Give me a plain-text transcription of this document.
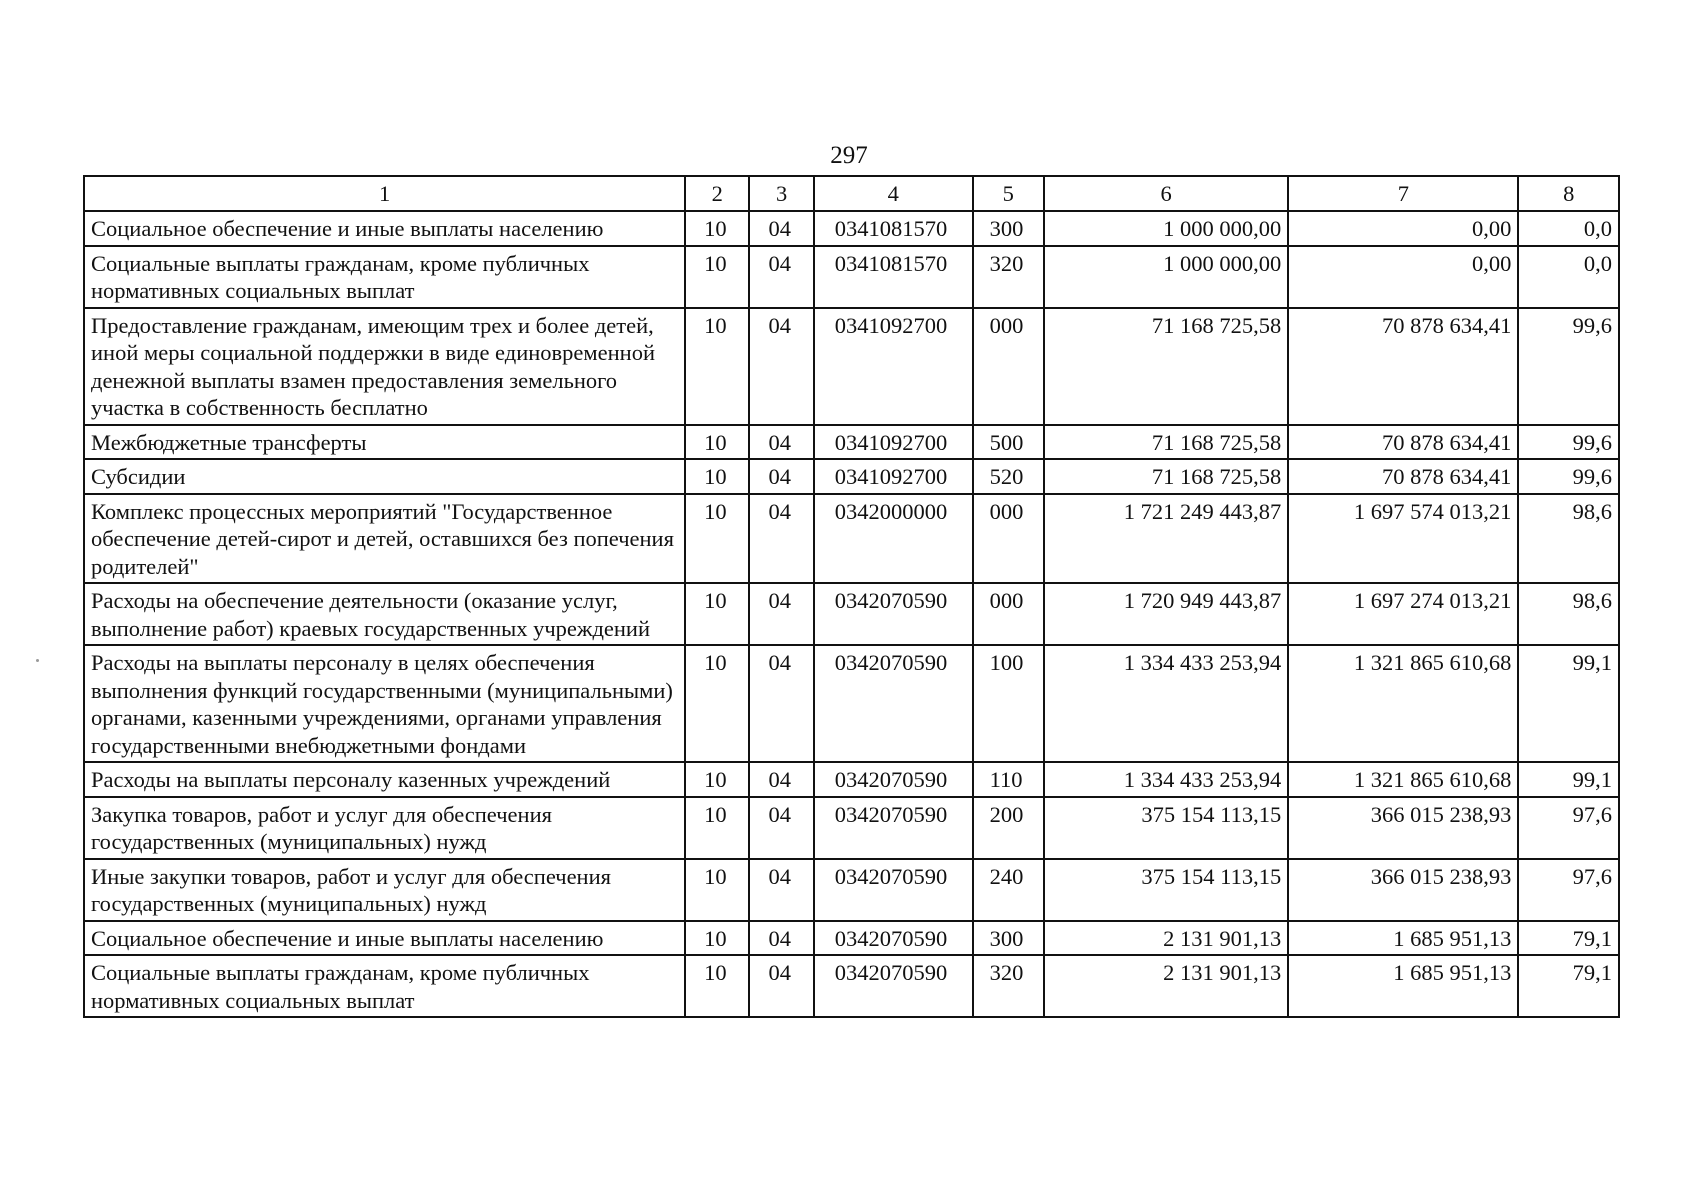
297
1	2	3	4	5	6	7	8
Социальное обеспечение и иные выплаты населению	10	04	0341081570	300	1 000 000,00	0,00	0,0
Социальные выплаты гражданам, кроме публичных нормативных социальных выплат	10	04	0341081570	320	1 000 000,00	0,00	0,0
Предоставление гражданам, имеющим трех и более детей, иной меры социальной поддержки в виде единовременной денежной выплаты взамен предоставления земельного участка в собственность бесплатно	10	04	0341092700	000	71 168 725,58	70 878 634,41	99,6
Межбюджетные трансферты	10	04	0341092700	500	71 168 725,58	70 878 634,41	99,6
Субсидии	10	04	0341092700	520	71 168 725,58	70 878 634,41	99,6
Комплекс процессных мероприятий "Государственное обеспечение детей-сирот и детей, оставшихся без попечения родителей"	10	04	0342000000	000	1 721 249 443,87	1 697 574 013,21	98,6
Расходы на обеспечение деятельности (оказание услуг, выполнение работ) краевых государственных учреждений	10	04	0342070590	000	1 720 949 443,87	1 697 274 013,21	98,6
Расходы на выплаты персоналу в целях обеспечения выполнения функций государственными (муниципальными) органами, казенными учреждениями, органами управления государственными внебюджетными фондами	10	04	0342070590	100	1 334 433 253,94	1 321 865 610,68	99,1
Расходы на выплаты персоналу казенных учреждений	10	04	0342070590	110	1 334 433 253,94	1 321 865 610,68	99,1
Закупка товаров, работ и услуг для обеспечения государственных (муниципальных) нужд	10	04	0342070590	200	375 154 113,15	366 015 238,93	97,6
Иные закупки товаров, работ и услуг для обеспечения государственных (муниципальных) нужд	10	04	0342070590	240	375 154 113,15	366 015 238,93	97,6
Социальное обеспечение и иные выплаты населению	10	04	0342070590	300	2 131 901,13	1 685 951,13	79,1
Социальные выплаты гражданам, кроме публичных нормативных социальных выплат	10	04	0342070590	320	2 131 901,13	1 685 951,13	79,1
